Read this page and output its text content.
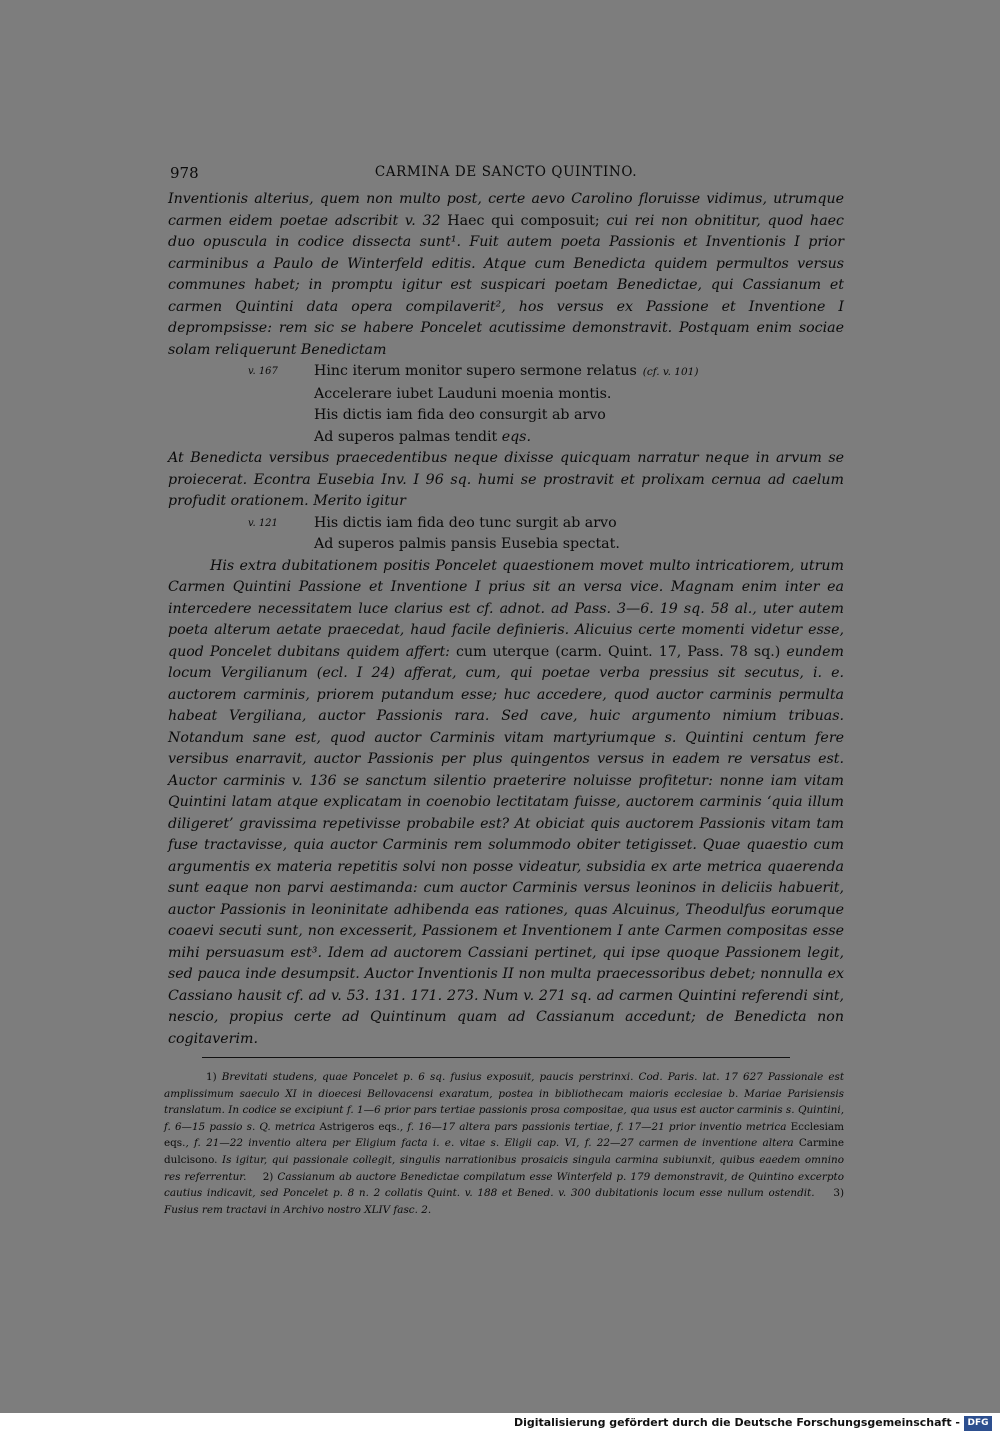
978	CARMINA DE SANCTO QUINTINO.

Inventionis alterius, quem non multo post, certe aevo Carolino floruisse vidimus, utrumque carmen eidem poetae adscribit v. 32 Haec qui composuit; cui rei non obnititur, quod haec duo opuscula in codice dissecta sunt¹. Fuit autem poeta Passionis et Inventionis I prior carminibus a Paulo de Winterfeld editis. Atque cum Benedicta quidem permultos versus communes habet; in promptu igitur est suspicari poetam Benedictae, qui Cassianum et carmen Quintini data opera compilaverit², hos versus ex Passione et Inventione I deprompsisse: rem sic se habere Poncelet acutissime demonstravit. Postquam enim sociae solam reliquerunt Benedictam

v. 167	Hinc iterum monitor supero sermone relatus (cf. v. 101)
Accelerare iubet Lauduni moenia montis.
His dictis iam fida deo consurgit ab arvo
Ad superos palmas tendit eqs.

At Benedicta versibus praecedentibus neque dixisse quicquam narratur neque in arvum se proiecerat. Econtra Eusebia Inv. I 96 sq. humi se prostravit et prolixam cernua ad caelum profudit orationem. Merito igitur

v. 121	His dictis iam fida deo tunc surgit ab arvo
Ad superos palmis pansis Eusebia spectat.

His extra dubitationem positis Poncelet quaestionem movet multo intricatiorem, utrum Carmen Quintini Passione et Inventione I prius sit an versa vice. Magnam enim inter ea intercedere necessitatem luce clarius est cf. adnot. ad Pass. 3—6. 19 sq. 58 al., uter autem poeta alterum aetate praecedat, haud facile definieris. Alicuius certe momenti videtur esse, quod Poncelet dubitans quidem affert: cum uterque (carm. Quint. 17, Pass. 78 sq.) eundem locum Vergilianum (ecl. I 24) afferat, cum, qui poetae verba pressius sit secutus, i. e. auctorem carminis, priorem putandum esse; huc accedere, quod auctor carminis permulta habeat Vergiliana, auctor Passionis rara. Sed cave, huic argumento nimium tribuas. Notandum sane est, quod auctor Carminis vitam martyriumque s. Quintini centum fere versibus enarravit, auctor Passionis per plus quingentos versus in eadem re versatus est. Auctor carminis v. 136 se sanctum silentio praeterire noluisse profitetur: nonne iam vitam Quintini latam atque explicatam in coenobio lectitatam fuisse, auctorem carminis ‘quia illum diligeret’ gravissima repetivisse probabile est? At obiciat quis auctorem Passionis vitam tam fuse tractavisse, quia auctor Carminis rem solummodo obiter tetigisset. Quae quaestio cum argumentis ex materia repetitis solvi non posse videatur, subsidia ex arte metrica quaerenda sunt eaque non parvi aestimanda: cum auctor Carminis versus leoninos in deliciis habuerit, auctor Passionis in leoninitate adhibenda eas rationes, quas Alcuinus, Theodulfus eorumque coaevi secuti sunt, non excesserit, Passionem et Inventionem I ante Carmen compositas esse mihi persuasum est³. Idem ad auctorem Cassiani pertinet, qui ipse quoque Passionem legit, sed pauca inde desumpsit. Auctor Inventionis II non multa praecessoribus debet; nonnulla ex Cassiano hausit cf. ad v. 53. 131. 171. 273. Num v. 271 sq. ad carmen Quintini referendi sint, nescio, propius certe ad Quintinum quam ad Cassianum accedunt; de Benedicta non cogitaverim.

1) Brevitati studens, quae Poncelet p. 6 sq. fusius exposuit, paucis perstrinxi. Cod. Paris. lat. 17 627 Passionale est amplissimum saeculo XI in dioecesi Bellovacensi exaratum, postea in bibliothecam maioris ecclesiae b. Mariae Parisiensis translatum. In codice se excipiunt f. 1—6 prior pars tertiae passionis prosa compositae, qua usus est auctor carminis s. Quintini, f. 6—15 passio s. Q. metrica Astrigeros eqs., f. 16—17 altera pars passionis tertiae, f. 17—21 prior inventio metrica Ecclesiam eqs., f. 21—22 inventio altera per Eligium facta i. e. vitae s. Eligii cap. VI, f. 22—27 carmen de inventione altera Carmine dulcisono. Is igitur, qui passionale collegit, singulis narrationibus prosaicis singula carmina subiunxit, quibus eaedem omnino res referrentur. 2) Cassianum ab auctore Benedictae compilatum esse Winterfeld p. 179 demonstravit, de Quintino excerpto cautius indicavit, sed Poncelet p. 8 n. 2 collatis Quint. v. 188 et Bened. v. 300 dubitationis locum esse nullum ostendit. 3) Fusius rem tractavi in Archivo nostro XLIV fasc. 2.

Digitalisierung gefördert durch die Deutsche Forschungsgemeinschaft - DFG
